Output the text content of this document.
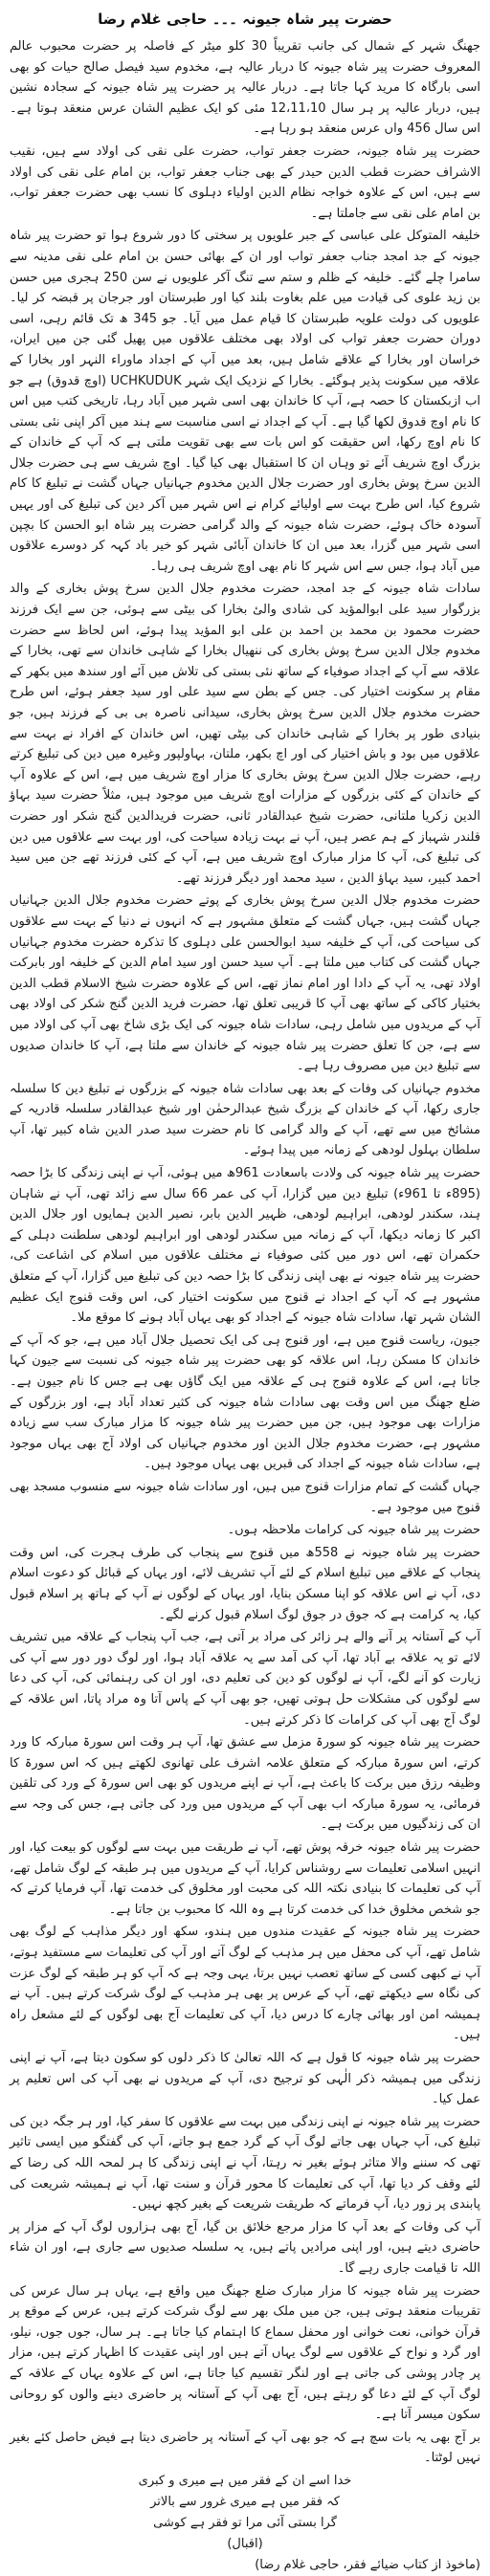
حضرت پیر شاہ جیونہ ۔۔۔ حاجی غلام رضا

جھنگ شہر کے شمال کی جانب تقریباً 30 کلو میٹر کے فاصلہ پر حضرت محبوب عالم المعروف حضرت پیر شاہ جیونہ کا دربار عالیہ ہے، مخدوم سید فیصل صالح حیات کو بھی اسی بارگاہ کا مرید کہا جاتا ہے۔ دربار عالیہ پر حضرت پیر شاہ جیونہ کے سجادہ نشین ہیں، دربار عالیہ پر ہر سال 12،11،10 مئی کو ایک عظیم الشان عرس منعقد ہوتا ہے۔ اس سال 456 واں عرس منعقد ہو رہا ہے۔

حضرت پیر شاہ جیونہ، حضرت جعفر تواب، حضرت علی نقی کی اولاد سے ہیں، نقیب الاشراف حضرت قطب الدین حیدر کے بھی جناب جعفر تواب، بن امام علی نقی کی اولاد سے ہیں، اس کے علاوہ خواجہ نظام الدین اولیاء دہلوی کا نسب بھی حضرت جعفر تواب، بن امام علی نقی سے جاملتا ہے۔

خلیفہ المتوکل علی عباسی کے جبر علویوں پر سختی کا دور شروع ہوا تو حضرت پیر شاہ جیونہ کے جد امجد جناب جعفر تواب اور ان کے بھائی حسن بن امام علی نقی مدینہ سے سامرا چلے گئے۔ خلیفہ کے ظلم و ستم سے تنگ آکر علویوں نے سن 250 ہجری میں حسن بن زید علوی کی قیادت میں علم بغاوت بلند کیا اور طبرستان اور جرجان پر قبضہ کر لیا۔ علویوں کی دولت علویہ طبرستان کا قیام عمل میں آیا۔ جو 345 ھ تک قائم رہی، اسی دوران حضرت جعفر تواب کی اولاد بھی مختلف علاقوں میں پھیل گئی جن میں ایران، خراسان اور بخارا کے علاقے شامل ہیں، بعد میں آپ کے اجداد ماوراء النہر اور بخارا کے علاقہ میں سکونت پذیر ہوگئے۔ بخارا کے نزدیک ایک شہر UCHKUDUK (اوچ قدوق) ہے جو اب ازبکستان کا حصہ ہے، آپ کا خاندان بھی اسی شہر میں آباد رہا، تاریخی کتب میں اس کا نام اوچ قدوق لکھا گیا ہے۔ آپ کے اجداد نے اسی مناسبت سے ہند میں آکر اپنی نئی بستی کا نام اوچ رکھا، اس حقیقت کو اس بات سے بھی تقویت ملتی ہے کہ آپ کے خاندان کے بزرگ اوچ شریف آئے تو وہاں ان کا استقبال بھی کیا گیا۔ اوچ شریف سے ہی حضرت جلال الدین سرخ پوش بخاری اور حضرت جلال الدین مخدوم جہانیاں جہاں گشت نے تبلیغ کا کام شروع کیا، اس طرح بہت سے اولیائے کرام نے اس شہر میں آکر دین کی تبلیغ کی اور یہیں آسودہ خاک ہوئے، حضرت شاہ جیونہ کے والد گرامی حضرت پیر شاہ ابو الحسن کا بچپن اسی شہر میں گزرا، بعد میں ان کا خاندان آبائی شہر کو خیر باد کہہ کر دوسرے علاقوں میں آباد ہوا، جس سے اس شہر کا نام بھی اوچ شریف ہی رہا۔

سادات شاہ جیونہ کے جد امجد، حضرت مخدوم جلال الدین سرخ پوش بخاری کے والد بزرگوار سید علی ابوالمؤید کی شادی والیٔ بخارا کی بیٹی سے ہوئی، جن سے ایک فرزند حضرت محمود بن محمد بن احمد بن علی ابو المؤید پیدا ہوئے، اس لحاظ سے حضرت مخدوم جلال الدین سرخ پوش بخاری کی ننھیال بخارا کے شاہی خاندان سے تھی، بخارا کے علاقہ سے آپ کے اجداد صوفیاء کے ساتھ نئی بستی کی تلاش میں آئے اور سندھ میں بکھر کے مقام پر سکونت اختیار کی۔ جس کے بطن سے سید علی اور سید جعفر ہوئے، اس طرح حضرت مخدوم جلال الدین سرخ پوش بخاری، سیدانی ناصرہ بی بی کے فرزند ہیں، جو بنیادی طور پر بخارا کے شاہی خاندان کی بیٹی تھیں، اس خاندان کے افراد نے بہت سے علاقوں میں بود و باش اختیار کی اور اچ بکھر، ملتان، بہاولپور وغیرہ میں دین کی تبلیغ کرتے رہے، حضرت جلال الدین سرخ پوش بخاری کا مزار اوچ شریف میں ہے، اس کے علاوہ آپ کے خاندان کے کئی بزرگوں کے مزارات اوچ شریف میں موجود ہیں، مثلاً حضرت سید بہاؤ الدین زکریا ملتانی، حضرت شیخ عبدالقادر ثانی، حضرت فریدالدین گنج شکر اور حضرت قلندر شہباز کے ہم عصر ہیں، آپ نے بہت زیادہ سیاحت کی، اور بہت سے علاقوں میں دین کی تبلیغ کی، آپ کا مزار مبارک اوچ شریف میں ہے، آپ کے کئی فرزند تھے جن میں سید احمد کبیر، سید بہاؤ الدین ، سید محمد اور دیگر فرزند تھے۔

حضرت مخدوم جلال الدین سرخ پوش بخاری کے پوتے حضرت مخدوم جلال الدین جہانیاں جہاں گشت ہیں، جہاں گشت کے متعلق مشہور ہے کہ انہوں نے دنیا کے بہت سے علاقوں کی سیاحت کی، آپ کے خلیفہ سید ابوالحسن علی دہلوی کا تذکرہ حضرت مخدوم جہانیاں جہاں گشت کی کتاب میں ملتا ہے۔ آپ سید حسن اور سید امام الدین کے خلیفہ اور بابرکت اولاد تھی، یہ آپ کے دادا اور امام نماز تھے، اس کے علاوہ حضرت شیخ الاسلام قطب الدین بختیار کاکی کے ساتھ بھی آپ کا قریبی تعلق تھا، حضرت فرید الدین گنج شکر کی اولاد بھی آپ کے مریدوں میں شامل رہی، سادات شاہ جیونہ کی ایک بڑی شاخ بھی آپ کی اولاد میں سے ہے، جن کا تعلق حضرت پیر شاہ جیونہ کے خاندان سے ملتا ہے، آپ کا خاندان صدیوں سے تبلیغ دین میں مصروف رہا ہے۔

مخدوم جہانیاں کی وفات کے بعد بھی سادات شاہ جیونہ کے بزرگوں نے تبلیغ دین کا سلسلہ جاری رکھا، آپ کے خاندان کے بزرگ شیخ عبدالرحمٰن اور شیخ عبدالقادر سلسلہ قادریہ کے مشائخ میں سے تھے، آپ کے والد گرامی کا نام حضرت سید صدر الدین شاہ کبیر تھا، آپ سلطان بہلول لودھی کے زمانہ میں پیدا ہوئے۔

حضرت پیر شاہ جیونہ کی ولادت باسعادت 961ھ میں ہوئی، آپ نے اپنی زندگی کا بڑا حصہ (895ء تا 961ء) تبلیغ دین میں گزارا، آپ کی عمر 66 سال سے زائد تھی، آپ نے شاہان ہند، سکندر لودھی، ابراہیم لودھی، ظہیر الدین بابر، نصیر الدین ہمایوں اور جلال الدین اکبر کا زمانہ دیکھا، آپ کے زمانہ میں سکندر لودھی اور ابراہیم لودھی سلطنت دہلی کے حکمران تھے، اس دور میں کئی صوفیاء نے مختلف علاقوں میں اسلام کی اشاعت کی، حضرت پیر شاہ جیونہ نے بھی اپنی زندگی کا بڑا حصہ دین کی تبلیغ میں گزارا، آپ کے متعلق مشہور ہے کہ آپ کے اجداد نے قنوج میں سکونت اختیار کی، اس وقت قنوج ایک عظیم الشان شہر تھا، سادات شاہ جیونہ کے اجداد کو بھی یہاں آباد ہونے کا موقع ملا۔

جیون، ریاست قنوج میں ہے، اور قنوج ہی کی ایک تحصیل جلال آباد میں ہے، جو کہ آپ کے خاندان کا مسکن رہا، اس علاقہ کو بھی حضرت پیر شاہ جیونہ کی نسبت سے جیون کہا جاتا ہے، اس کے علاوہ قنوج ہی کے علاقہ میں ایک گاؤں بھی ہے جس کا نام جیون ہے۔ ضلع جھنگ میں اس وقت بھی سادات شاہ جیونہ کی کثیر تعداد آباد ہے، اور بزرگوں کے مزارات بھی موجود ہیں، جن میں حضرت پیر شاہ جیونہ کا مزار مبارک سب سے زیادہ مشہور ہے، حضرت مخدوم جلال الدین اور مخدوم جہانیاں کی اولاد آج بھی یہاں موجود ہے، سادات شاہ جیونہ کے اجداد کی قبریں بھی یہاں موجود ہیں۔

جہاں گشت کے تمام مزارات قنوج میں ہیں، اور سادات شاہ جیونہ سے منسوب مسجد بھی قنوج میں موجود ہے۔

حضرت پیر شاہ جیونہ کی کرامات ملاحظہ ہوں۔

حضرت پیر شاہ جیونہ نے 558ھ میں قنوج سے پنجاب کی طرف ہجرت کی، اس وقت پنجاب کے علاقے میں تبلیغ اسلام کے لئے آپ تشریف لائے، اور یہاں کے قبائل کو دعوت اسلام دی، آپ نے اس علاقہ کو اپنا مسکن بنایا، اور یہاں کے لوگوں نے آپ کے ہاتھ پر اسلام قبول کیا، یہ کرامت ہے کہ جوق در جوق لوگ اسلام قبول کرنے لگے۔

آپ کے آستانہ پر آنے والے ہر زائر کی مراد بر آتی ہے، جب آپ پنجاب کے علاقہ میں تشریف لائے تو یہ علاقہ بے آباد تھا، آپ کی آمد سے یہ علاقہ آباد ہوا، اور لوگ دور دور سے آپ کی زیارت کو آنے لگے، آپ نے لوگوں کو دین کی تعلیم دی، اور ان کی رہنمائی کی، آپ کی دعا سے لوگوں کی مشکلات حل ہوتی تھیں، جو بھی آپ کے پاس آتا وہ مراد پاتا، اس علاقہ کے لوگ آج بھی آپ کی کرامات کا ذکر کرتے ہیں۔

حضرت پیر شاہ جیونہ کو سورۃ مزمل سے عشق تھا، آپ ہر وقت اس سورۃ مبارکہ کا ورد کرتے، اس سورۃ مبارکہ کے متعلق علامہ اشرف علی تھانوی لکھتے ہیں کہ اس سورۃ کا وظیفہ رزق میں برکت کا باعث ہے، آپ نے اپنے مریدوں کو بھی اس سورۃ کے ورد کی تلقین فرمائی، یہ سورۃ مبارکہ اب بھی آپ کے مریدوں میں ورد کی جاتی ہے، جس کی وجہ سے ان کی زندگیوں میں برکت ہے۔

حضرت پیر شاہ جیونہ خرقہ پوش تھے، آپ نے طریقت میں بہت سے لوگوں کو بیعت کیا، اور انہیں اسلامی تعلیمات سے روشناس کرایا، آپ کے مریدوں میں ہر طبقہ کے لوگ شامل تھے، آپ کی تعلیمات کا بنیادی نکتہ اللہ کی محبت اور مخلوق کی خدمت تھا، آپ فرمایا کرتے کہ جو شخص مخلوق خدا کی خدمت کرتا ہے وہ اللہ کا محبوب بن جاتا ہے۔

حضرت پیر شاہ جیونہ کے عقیدت مندوں میں ہندو، سکھ اور دیگر مذاہب کے لوگ بھی شامل تھے، آپ کی محفل میں ہر مذہب کے لوگ آتے اور آپ کی تعلیمات سے مستفید ہوتے، آپ نے کبھی کسی کے ساتھ تعصب نہیں برتا، یہی وجہ ہے کہ آپ کو ہر طبقہ کے لوگ عزت کی نگاہ سے دیکھتے تھے، آپ کے عرس پر بھی ہر مذہب کے لوگ شرکت کرتے ہیں۔ آپ نے ہمیشہ امن اور بھائی چارے کا درس دیا، آپ کی تعلیمات آج بھی لوگوں کے لئے مشعل راہ ہیں۔

حضرت پیر شاہ جیونہ کا قول ہے کہ اللہ تعالیٰ کا ذکر دلوں کو سکون دیتا ہے، آپ نے اپنی زندگی میں ہمیشہ ذکر الٰہی کو ترجیح دی، آپ کے مریدوں نے بھی آپ کی اس تعلیم پر عمل کیا۔

حضرت پیر شاہ جیونہ نے اپنی زندگی میں بہت سے علاقوں کا سفر کیا، اور ہر جگہ دین کی تبلیغ کی، آپ جہاں بھی جاتے لوگ آپ کے گرد جمع ہو جاتے، آپ کی گفتگو میں ایسی تاثیر تھی کہ سننے والا متاثر ہوئے بغیر نہ رہتا، آپ نے اپنی زندگی کا ہر لمحہ اللہ کی رضا کے لئے وقف کر دیا تھا، آپ کی تعلیمات کا محور قرآن و سنت تھا، آپ نے ہمیشہ شریعت کی پابندی پر زور دیا، آپ فرماتے کہ طریقت شریعت کے بغیر کچھ نہیں۔

آپ کی وفات کے بعد آپ کا مزار مرجع خلائق بن گیا، آج بھی ہزاروں لوگ آپ کے مزار پر حاضری دیتے ہیں، اور اپنی مرادیں پاتے ہیں، یہ سلسلہ صدیوں سے جاری ہے، اور ان شاء اللہ تا قیامت جاری رہے گا۔

حضرت پیر شاہ جیونہ کا مزار مبارک ضلع جھنگ میں واقع ہے، یہاں ہر سال عرس کی تقریبات منعقد ہوتی ہیں، جن میں ملک بھر سے لوگ شرکت کرتے ہیں، عرس کے موقع پر قرآن خوانی، نعت خوانی اور محفل سماع کا اہتمام کیا جاتا ہے۔ ہر سال، جوں جوں، نیلو، اور گرد و نواح کے علاقوں سے لوگ یہاں آتے ہیں اور اپنی عقیدت کا اظہار کرتے ہیں، مزار پر چادر پوشی کی جاتی ہے اور لنگر تقسیم کیا جاتا ہے، اس کے علاوہ یہاں کے علاقہ کے لوگ آپ کے لئے دعا گو رہتے ہیں، آج بھی آپ کے آستانہ پر حاضری دینے والوں کو روحانی سکون میسر آتا ہے۔

بر آج بھی یہ بات سچ ہے کہ جو بھی آپ کے آستانہ پر حاضری دیتا ہے فیض حاصل کئے بغیر نہیں لوٹتا۔

خدا اسے ان کے فقر میں ہے میری و کبری

کہ فقر میں ہے میری غرور سے بالاتر

گرا بستی آئی مرا تو فقر ہے کوشی

(اقبال)

(ماخوذ از کتاب ضیائے فقر، حاجی غلام رضا)
